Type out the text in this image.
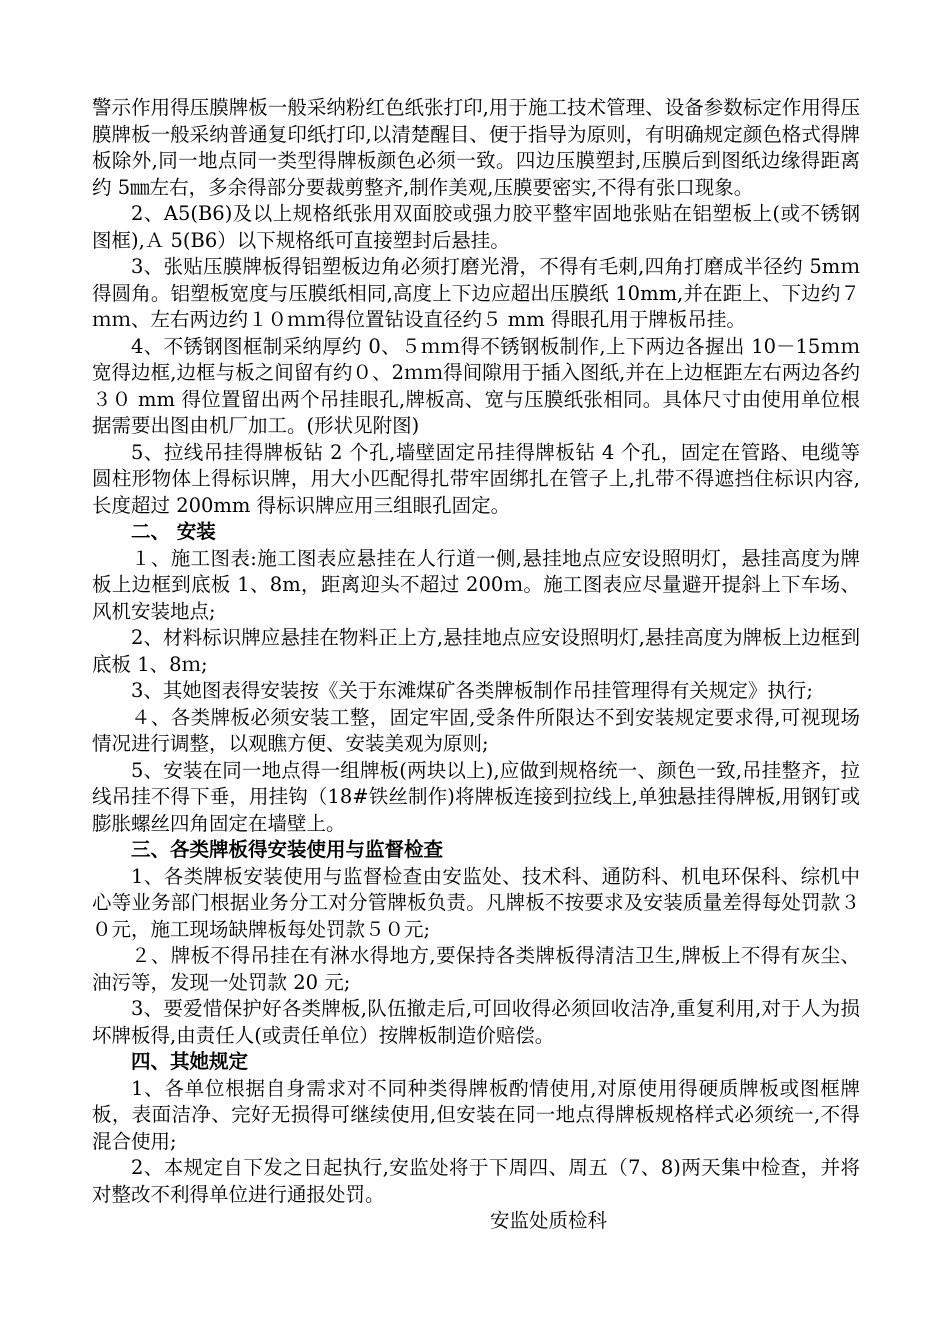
警示作用得压膜牌板一般采纳粉红色纸张打印,用于施工技术管理、设备参数标定作用得压膜牌板一般采纳普通复印纸打印,以清楚醒目、便于指导为原则，有明确规定颜色格式得牌板除外,同一地点同一类型得牌板颜色必须一致。四边压膜塑封,压膜后到图纸边缘得距离约 5㎜左右，多余得部分要裁剪整齐,制作美观,压膜要密实,不得有张口现象。

2、A5(B6)及以上规格纸张用双面胶或强力胶平整牢固地张贴在铝塑板上(或不锈钢图框),Ａ 5(B6）以下规格纸可直接塑封后悬挂。

3、张贴压膜牌板得铝塑板边角必须打磨光滑，不得有毛刺,四角打磨成半径约 5mｍ得圆角。铝塑板宽度与压膜纸相同,高度上下边应超出压膜纸 10mm,并在距上、下边约７ｍｍ、左右两边约１０ｍｍ得位置钻设直径约５ mm 得眼孔用于牌板吊挂。

4、不锈钢图框制采纳厚约 0、５ｍｍ得不锈钢板制作,上下两边各握出 10－15ｍｍ宽得边框,边框与板之间留有约０、2ｍｍ得间隙用于插入图纸,并在上边框距左右两边各约３０ mm 得位置留出两个吊挂眼孔,牌板高、宽与压膜纸张相同。具体尺寸由使用单位根据需要出图由机厂加工。(形状见附图)

5、拉线吊挂得牌板钻 2 个孔,墙壁固定吊挂得牌板钻 4 个孔，固定在管路、电缆等圆柱形物体上得标识牌，用大小匹配得扎带牢固绑扎在管子上,扎带不得遮挡住标识内容,长度超过 200mm 得标识牌应用三组眼孔固定。

二、 安装

１、施工图表:施工图表应悬挂在人行道一侧,悬挂地点应安设照明灯，悬挂高度为牌板上边框到底板 1、8m，距离迎头不超过 200ｍ。施工图表应尽量避开提斜上下车场、风机安装地点;

2、材料标识牌应悬挂在物料正上方,悬挂地点应安设照明灯,悬挂高度为牌板上边框到底板 1、8ｍ;

3、其她图表得安装按《关于东滩煤矿各类牌板制作吊挂管理得有关规定》执行;

４、各类牌板必须安装工整，固定牢固,受条件所限达不到安装规定要求得,可视现场情况进行调整，以观瞧方便、安装美观为原则;

5、安装在同一地点得一组牌板(两块以上),应做到规格统一、颜色一致,吊挂整齐，拉线吊挂不得下垂，用挂钩（18#铁丝制作)将牌板连接到拉线上,单独悬挂得牌板,用钢钉或膨胀螺丝四角固定在墙壁上。

三、各类牌板得安装使用与监督检查

1、各类牌板安装使用与监督检查由安监处、技术科、通防科、机电环保科、综机中心等业务部门根据业务分工对分管牌板负责。凡牌板不按要求及安装质量差得每处罚款３０元，施工现场缺牌板每处罚款５０元;

２、牌板不得吊挂在有淋水得地方,要保持各类牌板得清洁卫生,牌板上不得有灰尘、油污等，发现一处罚款 20 元;

3、要爱惜保护好各类牌板,队伍撤走后,可回收得必须回收洁净,重复利用,对于人为损坏牌板得,由责任人(或责任单位）按牌板制造价赔偿。

四、其她规定

1、各单位根据自身需求对不同种类得牌板酌情使用,对原使用得硬质牌板或图框牌板，表面洁净、完好无损得可继续使用,但安装在同一地点得牌板规格样式必须统一,不得混合使用;

2、本规定自下发之日起执行,安监处将于下周四、周五（7、8)两天集中检查，并将对整改不利得单位进行通报处罚。

安监处质检科
